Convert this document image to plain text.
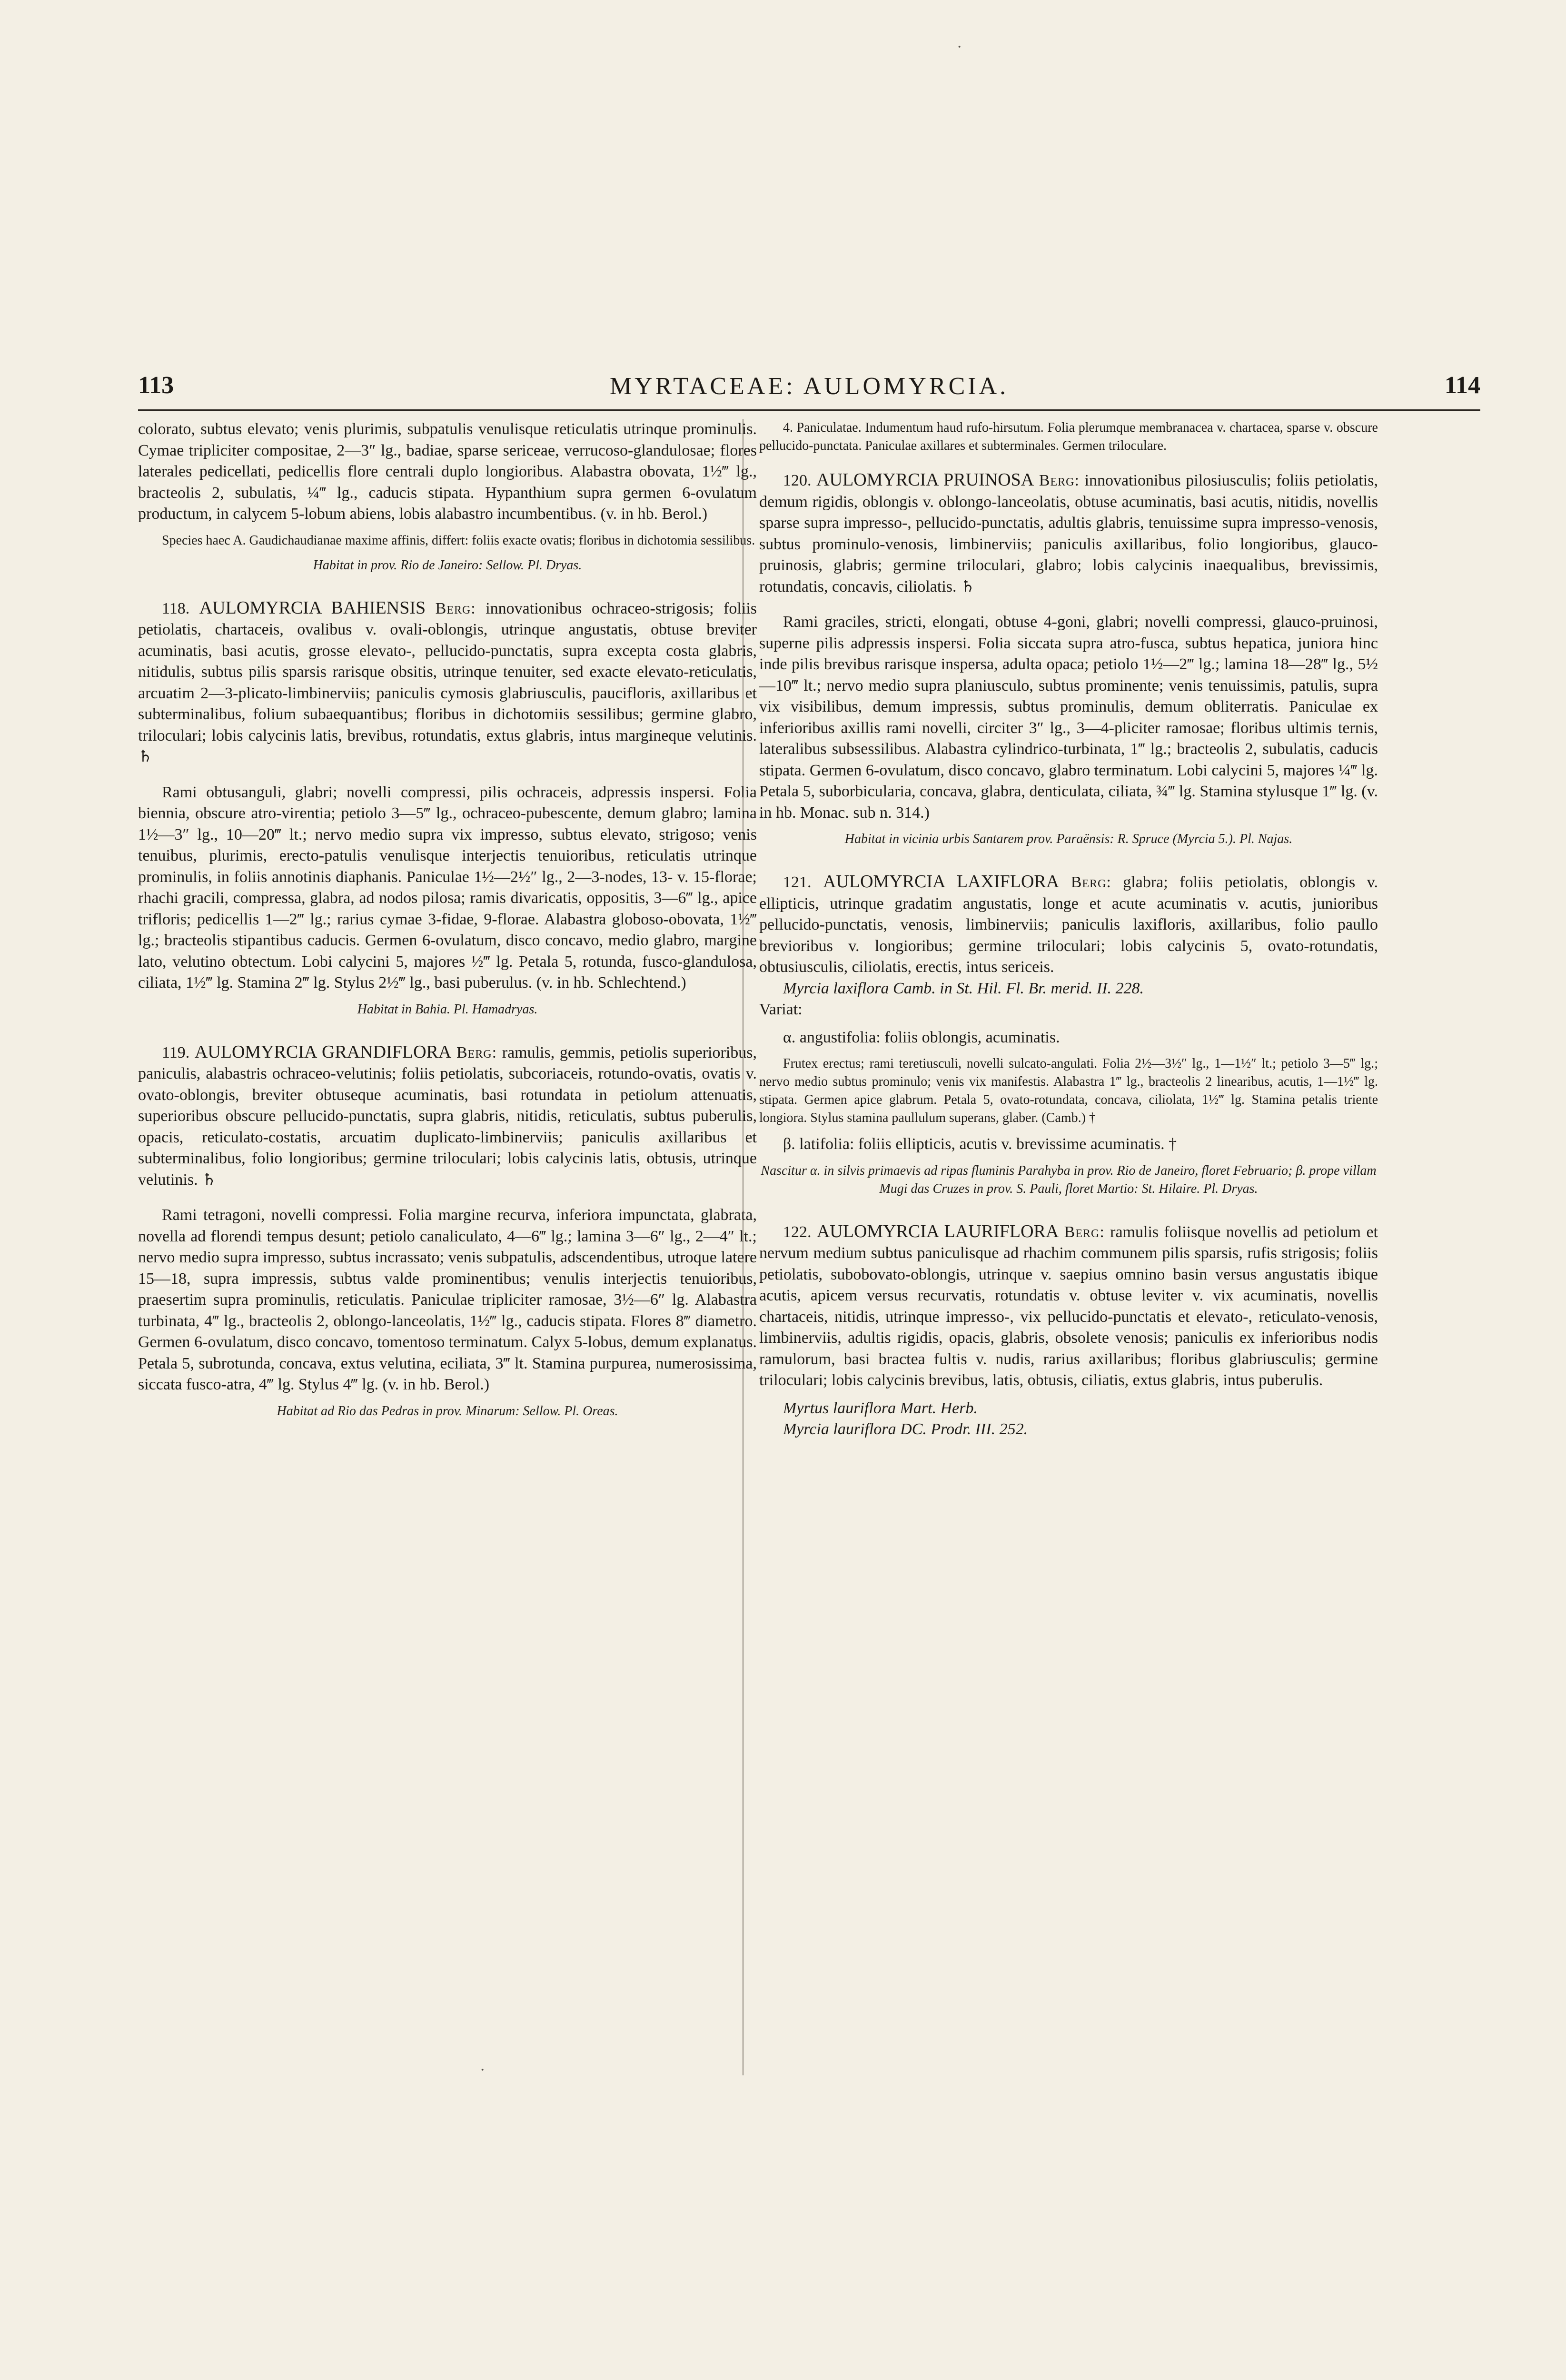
113	MYRTACEAE: AULOMYRCIA.	114

colorato, subtus elevato; venis plurimis, subpatulis venulisque reticulatis utrinque prominulis. Cymae tripliciter compositae, 2—3″ lg., badiae, sparse sericeae, verrucoso-glandulosae; flores laterales pedicellati, pedicellis flore centrali duplo longioribus. Alabastra obovata, 1½‴ lg., bracteolis 2, subulatis, ¼‴ lg., caducis stipata. Hypanthium supra germen 6-ovulatum productum, in calycem 5-lobum abiens, lobis alabastro incumbentibus. (v. in hb. Berol.)

Species haec A. Gaudichaudianae maxime affinis, differt: foliis exacte ovatis; floribus in dichotomia sessilibus.

Habitat in prov. Rio de Janeiro: Sellow. Pl. Dryas.

118. AULOMYRCIA BAHIENSIS Berg: innovationibus ochraceo-strigosis; foliis petiolatis, chartaceis, ovalibus v. ovali-oblongis, utrinque angustatis, obtuse breviter acuminatis, basi acutis, grosse elevato-, pellucido-punctatis, supra excepta costa glabris, nitidulis, subtus pilis sparsis rarisque obsitis, utrinque tenuiter, sed exacte elevato-reticulatis, arcuatim 2—3-plicato-limbinerviis; paniculis cymosis glabriusculis, paucifloris, axillaribus et subterminalibus, folium subaequantibus; floribus in dichotomiis sessilibus; germine glabro, triloculari; lobis calycinis latis, brevibus, rotundatis, extus glabris, intus margineque velutinis. ♄

Rami obtusanguli, glabri; novelli compressi, pilis ochraceis, adpressis inspersi. Folia biennia, obscure atro-virentia; petiolo 3—5‴ lg., ochraceo-pubescente, demum glabro; lamina 1½—3″ lg., 10—20‴ lt.; nervo medio supra vix impresso, subtus elevato, strigoso; venis tenuibus, plurimis, erecto-patulis venulisque interjectis tenuioribus, reticulatis utrinque prominulis, in foliis annotinis diaphanis. Paniculae 1½—2½″ lg., 2—3-nodes, 13- v. 15-florae; rhachi gracili, compressa, glabra, ad nodos pilosa; ramis divaricatis, oppositis, 3—6‴ lg., apice trifloris; pedicellis 1—2‴ lg.; rarius cymae 3-fidae, 9-florae. Alabastra globoso-obovata, 1½‴ lg.; bracteolis stipantibus caducis. Germen 6-ovulatum, disco concavo, medio glabro, margine lato, velutino obtectum. Lobi calycini 5, majores ½‴ lg. Petala 5, rotunda, fusco-glandulosa, ciliata, 1½‴ lg. Stamina 2‴ lg. Stylus 2½‴ lg., basi puberulus. (v. in hb. Schlechtend.)

Habitat in Bahia. Pl. Hamadryas.

119. AULOMYRCIA GRANDIFLORA Berg: ramulis, gemmis, petiolis superioribus, paniculis, alabastris ochraceo-velutinis; foliis petiolatis, subcoriaceis, rotundo-ovatis, ovatis v. ovato-oblongis, breviter obtuseque acuminatis, basi rotundata in petiolum attenuatis, superioribus obscure pellucido-punctatis, supra glabris, nitidis, reticulatis, subtus puberulis, opacis, reticulato-costatis, arcuatim duplicato-limbinerviis; paniculis axillaribus et subterminalibus, folio longioribus; germine triloculari; lobis calycinis latis, obtusis, utrinque velutinis. ♄

Rami tetragoni, novelli compressi. Folia margine recurva, inferiora impunctata, glabrata, novella ad florendi tempus desunt; petiolo canaliculato, 4—6‴ lg.; lamina 3—6″ lg., 2—4″ lt.; nervo medio supra impresso, subtus incrassato; venis subpatulis, adscendentibus, utroque latere 15—18, supra impressis, subtus valde prominentibus; venulis interjectis tenuioribus, praesertim supra prominulis, reticulatis. Paniculae tripliciter ramosae, 3½—6″ lg. Alabastra turbinata, 4‴ lg., bracteolis 2, oblongo-lanceolatis, 1½‴ lg., caducis stipata. Flores 8‴ diametro. Germen 6-ovulatum, disco concavo, tomentoso terminatum. Calyx 5-lobus, demum explanatus. Petala 5, subrotunda, concava, extus velutina, eciliata, 3‴ lt. Stamina purpurea, numerosissima, siccata fusco-atra, 4‴ lg. Stylus 4‴ lg. (v. in hb. Berol.)

Habitat ad Rio das Pedras in prov. Minarum: Sellow. Pl. Oreas.

4. Paniculatae. Indumentum haud rufo-hirsutum. Folia plerumque membranacea v. chartacea, sparse v. obscure pellucido-punctata. Paniculae axillares et subterminales. Germen triloculare.

120. AULOMYRCIA PRUINOSA Berg: innovationibus pilosiusculis; foliis petiolatis, demum rigidis, oblongis v. oblongo-lanceolatis, obtuse acuminatis, basi acutis, nitidis, novellis sparse supra impresso-, pellucido-punctatis, adultis glabris, tenuissime supra impresso-venosis, subtus prominulo-venosis, limbinerviis; paniculis axillaribus, folio longioribus, glauco-pruinosis, glabris; germine triloculari, glabro; lobis calycinis inaequalibus, brevissimis, rotundatis, concavis, ciliolatis. ♄

Rami graciles, stricti, elongati, obtuse 4-goni, glabri; novelli compressi, glauco-pruinosi, superne pilis adpressis inspersi. Folia siccata supra atro-fusca, subtus hepatica, juniora hinc inde pilis brevibus rarisque inspersa, adulta opaca; petiolo 1½—2‴ lg.; lamina 18—28‴ lg., 5½—10‴ lt.; nervo medio supra planiusculo, subtus prominente; venis tenuissimis, patulis, supra vix visibilibus, demum impressis, subtus prominulis, demum obliterratis. Paniculae ex inferioribus axillis rami novelli, circiter 3″ lg., 3—4-pliciter ramosae; floribus ultimis ternis, lateralibus subsessilibus. Alabastra cylindrico-turbinata, 1‴ lg.; bracteolis 2, subulatis, caducis stipata. Germen 6-ovulatum, disco concavo, glabro terminatum. Lobi calycini 5, majores ¼‴ lg. Petala 5, suborbicularia, concava, glabra, denticulata, ciliata, ¾‴ lg. Stamina stylusque 1‴ lg. (v. in hb. Monac. sub n. 314.)

Habitat in vicinia urbis Santarem prov. Paraënsis: R. Spruce (Myrcia 5.). Pl. Najas.

121. AULOMYRCIA LAXIFLORA Berg: glabra; foliis petiolatis, oblongis v. ellipticis, utrinque gradatim angustatis, longe et acute acuminatis v. acutis, junioribus pellucido-punctatis, venosis, limbinerviis; paniculis laxifloris, axillaribus, folio paullo brevioribus v. longioribus; germine triloculari; lobis calycinis 5, ovato-rotundatis, obtusiusculis, ciliolatis, erectis, intus sericeis.

Myrcia laxiflora Camb. in St. Hil. Fl. Br. merid. II. 228.

Variat:

α. angustifolia: foliis oblongis, acuminatis.

Frutex erectus; rami teretiusculi, novelli sulcato-angulati. Folia 2½—3½″ lg., 1—1½″ lt.; petiolo 3—5‴ lg.; nervo medio subtus prominulo; venis vix manifestis. Alabastra 1‴ lg., bracteolis 2 linearibus, acutis, 1—1½‴ lg. stipata. Germen apice glabrum. Petala 5, ovato-rotundata, concava, ciliolata, 1½‴ lg. Stamina petalis triente longiora. Stylus stamina paullulum superans, glaber. (Camb.) †

β. latifolia: foliis ellipticis, acutis v. brevissime acuminatis. †

Nascitur α. in silvis primaevis ad ripas fluminis Parahyba in prov. Rio de Janeiro, floret Februario; β. prope villam Mugi das Cruzes in prov. S. Pauli, floret Martio: St. Hilaire. Pl. Dryas.

122. AULOMYRCIA LAURIFLORA Berg: ramulis foliisque novellis ad petiolum et nervum medium subtus paniculisque ad rhachim communem pilis sparsis, rufis strigosis; foliis petiolatis, subobovato-oblongis, utrinque v. saepius omnino basin versus angustatis ibique acutis, apicem versus recurvatis, rotundatis v. obtuse leviter v. vix acuminatis, novellis chartaceis, nitidis, utrinque impresso-, vix pellucido-punctatis et elevato-, reticulato-venosis, limbinerviis, adultis rigidis, opacis, glabris, obsolete venosis; paniculis ex inferioribus nodis ramulorum, basi bractea fultis v. nudis, rarius axillaribus; floribus glabriusculis; germine triloculari; lobis calycinis brevibus, latis, obtusis, ciliatis, extus glabris, intus puberulis.

Myrtus lauriflora Mart. Herb.

Myrcia lauriflora DC. Prodr. III. 252.

·
·
